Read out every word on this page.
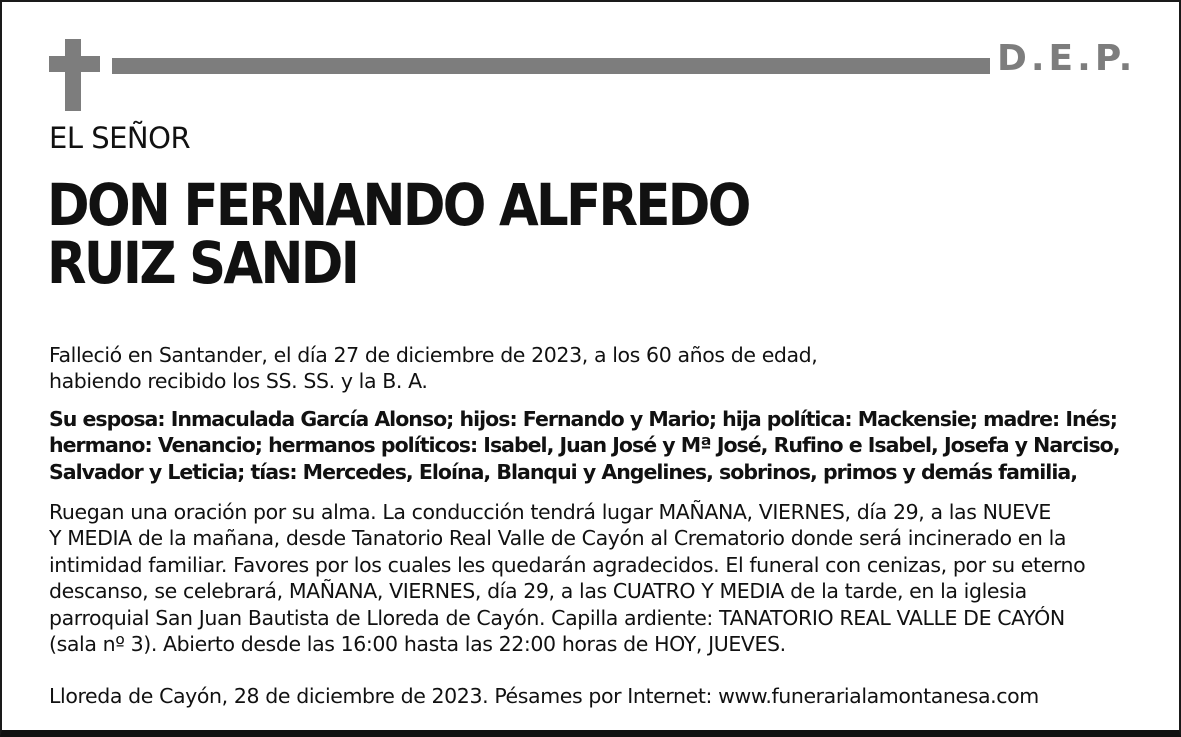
D.E.P.
EL SEÑOR
DON FERNANDO ALFREDO
RUIZ SANDI
Falleció en Santander, el día 27 de diciembre de 2023, a los 60 años de edad,
habiendo recibido los SS. SS. y la B. A.
Su esposa: Inmaculada García Alonso; hijos: Fernando y Mario; hija política: Mackensie; madre: Inés;
hermano: Venancio; hermanos políticos: Isabel, Juan José y Mª José, Rufino e Isabel, Josefa y Narciso,
Salvador y Leticia; tías: Mercedes, Eloína, Blanqui y Angelines, sobrinos, primos y demás familia,
Ruegan una oración por su alma. La conducción tendrá lugar MAÑANA, VIERNES, día 29, a las NUEVE
Y MEDIA de la mañana, desde Tanatorio Real Valle de Cayón al Crematorio donde será incinerado en la
intimidad familiar. Favores por los cuales les quedarán agradecidos. El funeral con cenizas, por su eterno
descanso, se celebrará, MAÑANA, VIERNES, día 29, a las CUATRO Y MEDIA de la tarde, en la iglesia
parroquial San Juan Bautista de Lloreda de Cayón. Capilla ardiente: TANATORIO REAL VALLE DE CAYÓN
(sala nº 3). Abierto desde las 16:00 hasta las 22:00 horas de HOY, JUEVES.
Lloreda de Cayón, 28 de diciembre de 2023. Pésames por Internet: www.funerarialamontanesa.com
